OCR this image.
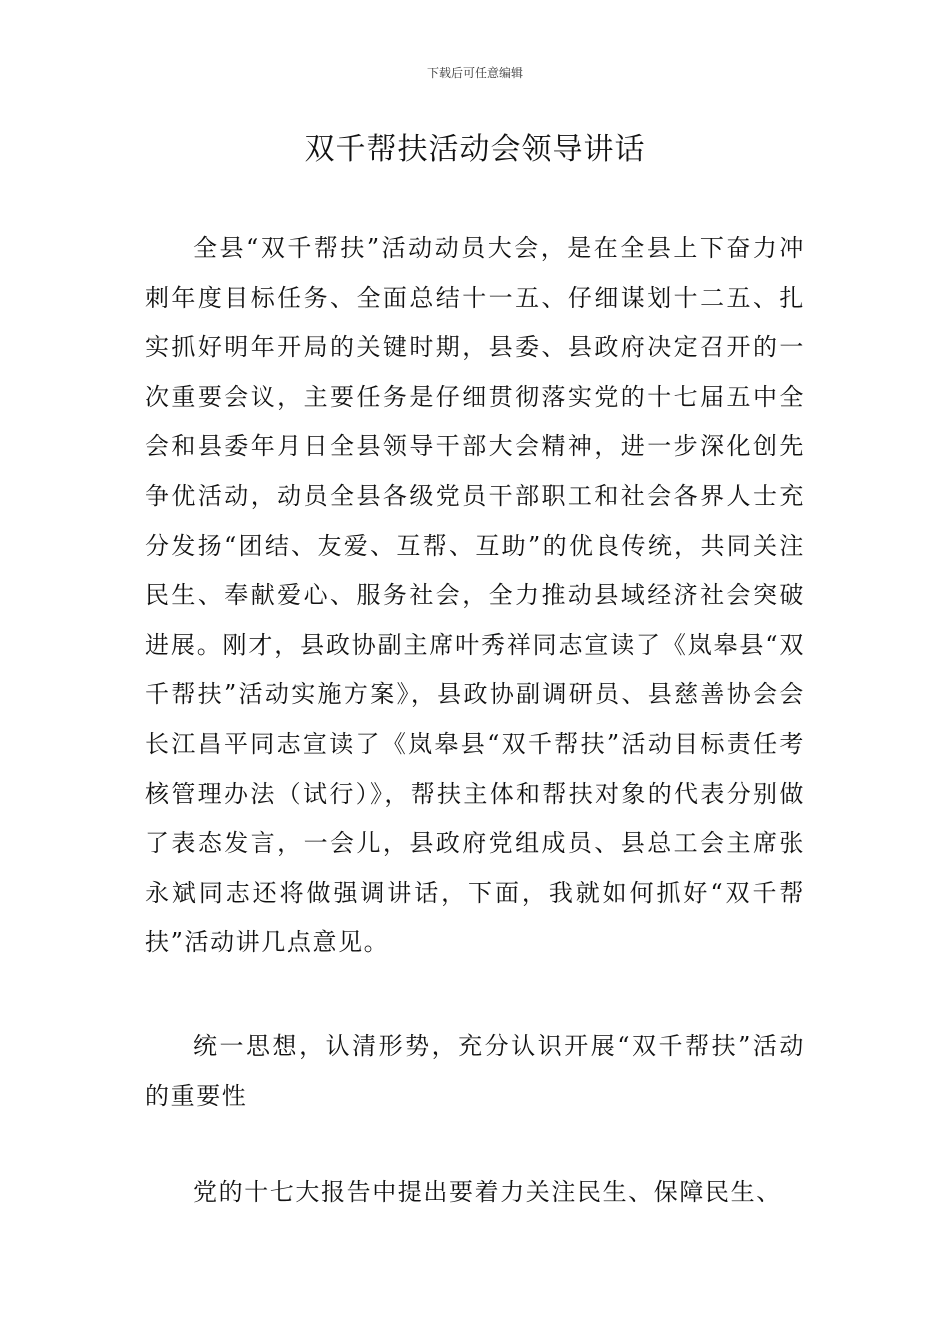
下载后可任意编辑
双千帮扶活动会领导讲话

全县“双千帮扶”活动动员大会，是在全县上下奋力冲刺年度目标任务、全面总结十一五、仔细谋划十二五、扎实抓好明年开局的关键时期，县委、县政府决定召开的一次重要会议，主要任务是仔细贯彻落实党的十七届五中全会和县委年月日全县领导干部大会精神，进一步深化创先争优活动，动员全县各级党员干部职工和社会各界人士充分发扬“团结、友爱、互帮、互助”的优良传统，共同关注民生、奉献爱心、服务社会，全力推动县域经济社会突破进展。刚才，县政协副主席叶秀祥同志宣读了《岚皋县“双千帮扶”活动实施方案》，县政协副调研员、县慈善协会会长江昌平同志宣读了《岚皋县“双千帮扶”活动目标责任考核管理办法（试行）》，帮扶主体和帮扶对象的代表分别做了表态发言，一会儿，县政府党组成员、县总工会主席张永斌同志还将做强调讲话，下面，我就如何抓好“双千帮扶”活动讲几点意见。

统一思想，认清形势，充分认识开展“双千帮扶”活动的重要性

党的十七大报告中提出要着力关注民生、保障民生、
